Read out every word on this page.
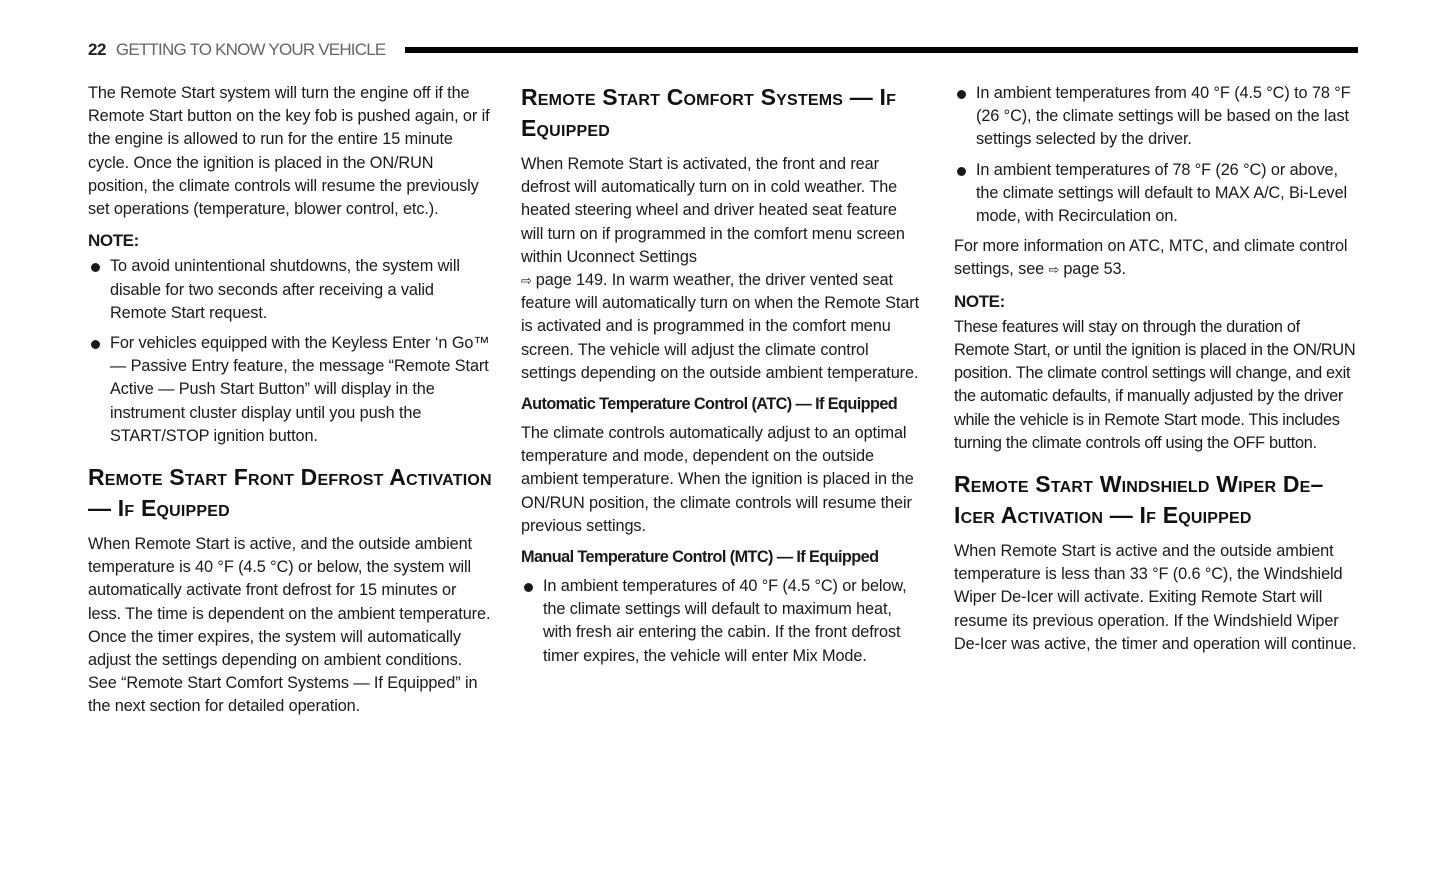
22 GETTING TO KNOW YOUR VEHICLE

The Remote Start system will turn the engine off if the Remote Start button on the key fob is pushed again, or if the engine is allowed to run for the entire 15 minute cycle. Once the ignition is placed in the ON/RUN position, the climate controls will resume the previously set operations (temperature, blower control, etc.).

NOTE:
To avoid unintentional shutdowns, the system will disable for two seconds after receiving a valid Remote Start request.
For vehicles equipped with the Keyless Enter ‘n Go™ — Passive Entry feature, the message “Remote Start Active — Push Start Button” will display in the instrument cluster display until you push the START/STOP ignition button.
Remote Start Front Defrost Activation — If Equipped

When Remote Start is active, and the outside ambient temperature is 40 °F (4.5 °C) or below, the system will automatically activate front defrost for 15 minutes or less. The time is dependent on the ambient temperature. Once the timer expires, the system will automatically adjust the settings depending on ambient conditions. See “Remote Start Comfort Systems — If Equipped” in the next section for detailed operation.

Remote Start Comfort Systems — If Equipped

When Remote Start is activated, the front and rear defrost will automatically turn on in cold weather. The heated steering wheel and driver heated seat feature will turn on if programmed in the comfort menu screen within Uconnect Settings
⇨ page 149. In warm weather, the driver vented seat feature will automatically turn on when the Remote Start is activated and is programmed in the comfort menu screen. The vehicle will adjust the climate control settings depending on the outside ambient temperature.

Automatic Temperature Control (ATC) — If Equipped

The climate controls automatically adjust to an optimal temperature and mode, dependent on the outside ambient temperature. When the ignition is placed in the ON/RUN position, the climate controls will resume their previous settings.

Manual Temperature Control (MTC) — If Equipped
In ambient temperatures of 40 °F (4.5 °C) or below, the climate settings will default to maximum heat, with fresh air entering the cabin. If the front defrost timer expires, the vehicle will enter Mix Mode.
In ambient temperatures from 40 °F (4.5 °C) to 78 °F (26 °C), the climate settings will be based on the last settings selected by the driver.
In ambient temperatures of 78 °F (26 °C) or above, the climate settings will default to MAX A/C, Bi-Level mode, with Recirculation on.

For more information on ATC, MTC, and climate control settings, see ⇨ page 53.

NOTE:

These features will stay on through the duration of Remote Start, or until the ignition is placed in the ON/RUN position. The climate control settings will change, and exit the automatic defaults, if manually adjusted by the driver while the vehicle is in Remote Start mode. This includes turning the climate controls off using the OFF button.

Remote Start Windshield Wiper De–Icer Activation — If Equipped

When Remote Start is active and the outside ambient temperature is less than 33 °F (0.6 °C), the Windshield Wiper De-Icer will activate. Exiting Remote Start will resume its previous operation. If the Windshield Wiper De-Icer was active, the timer and operation will continue.
